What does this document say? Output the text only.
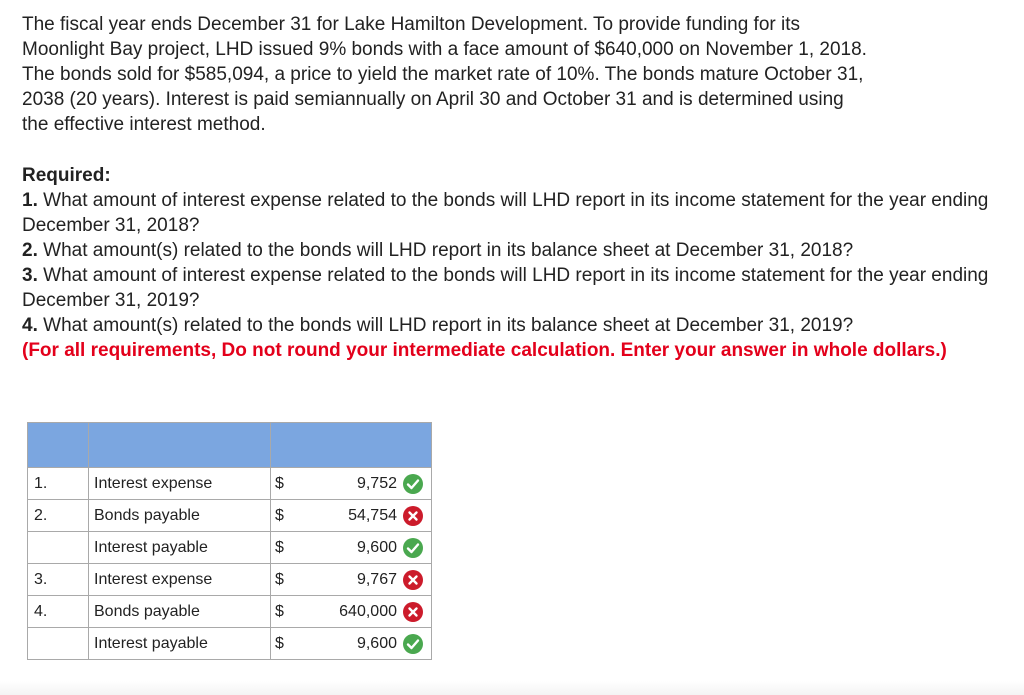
The fiscal year ends December 31 for Lake Hamilton Development. To provide funding for its

Moonlight Bay project, LHD issued 9% bonds with a face amount of $640,000 on November 1, 2018.

The bonds sold for $585,094, a price to yield the market rate of 10%. The bonds mature October 31,

2038 (20 years). Interest is paid semiannually on April 30 and October 31 and is determined using

the effective interest method.

Required:

1. What amount of interest expense related to the bonds will LHD report in its income statement for the year ending December 31, 2018?

2. What amount(s) related to the bonds will LHD report in its balance sheet at December 31, 2018?

3. What amount of interest expense related to the bonds will LHD report in its income statement for the year ending December 31, 2019?

4. What amount(s) related to the bonds will LHD report in its balance sheet at December 31, 2019?

(For all requirements, Do not round your intermediate calculation. Enter your answer in whole dollars.)

1.	Interest expense	$	9,752

2.	Bonds payable	$	54,754

	Interest payable	$	9,600

3.	Interest expense	$	9,767

4.	Bonds payable	$	640,000

	Interest payable	$	9,600
